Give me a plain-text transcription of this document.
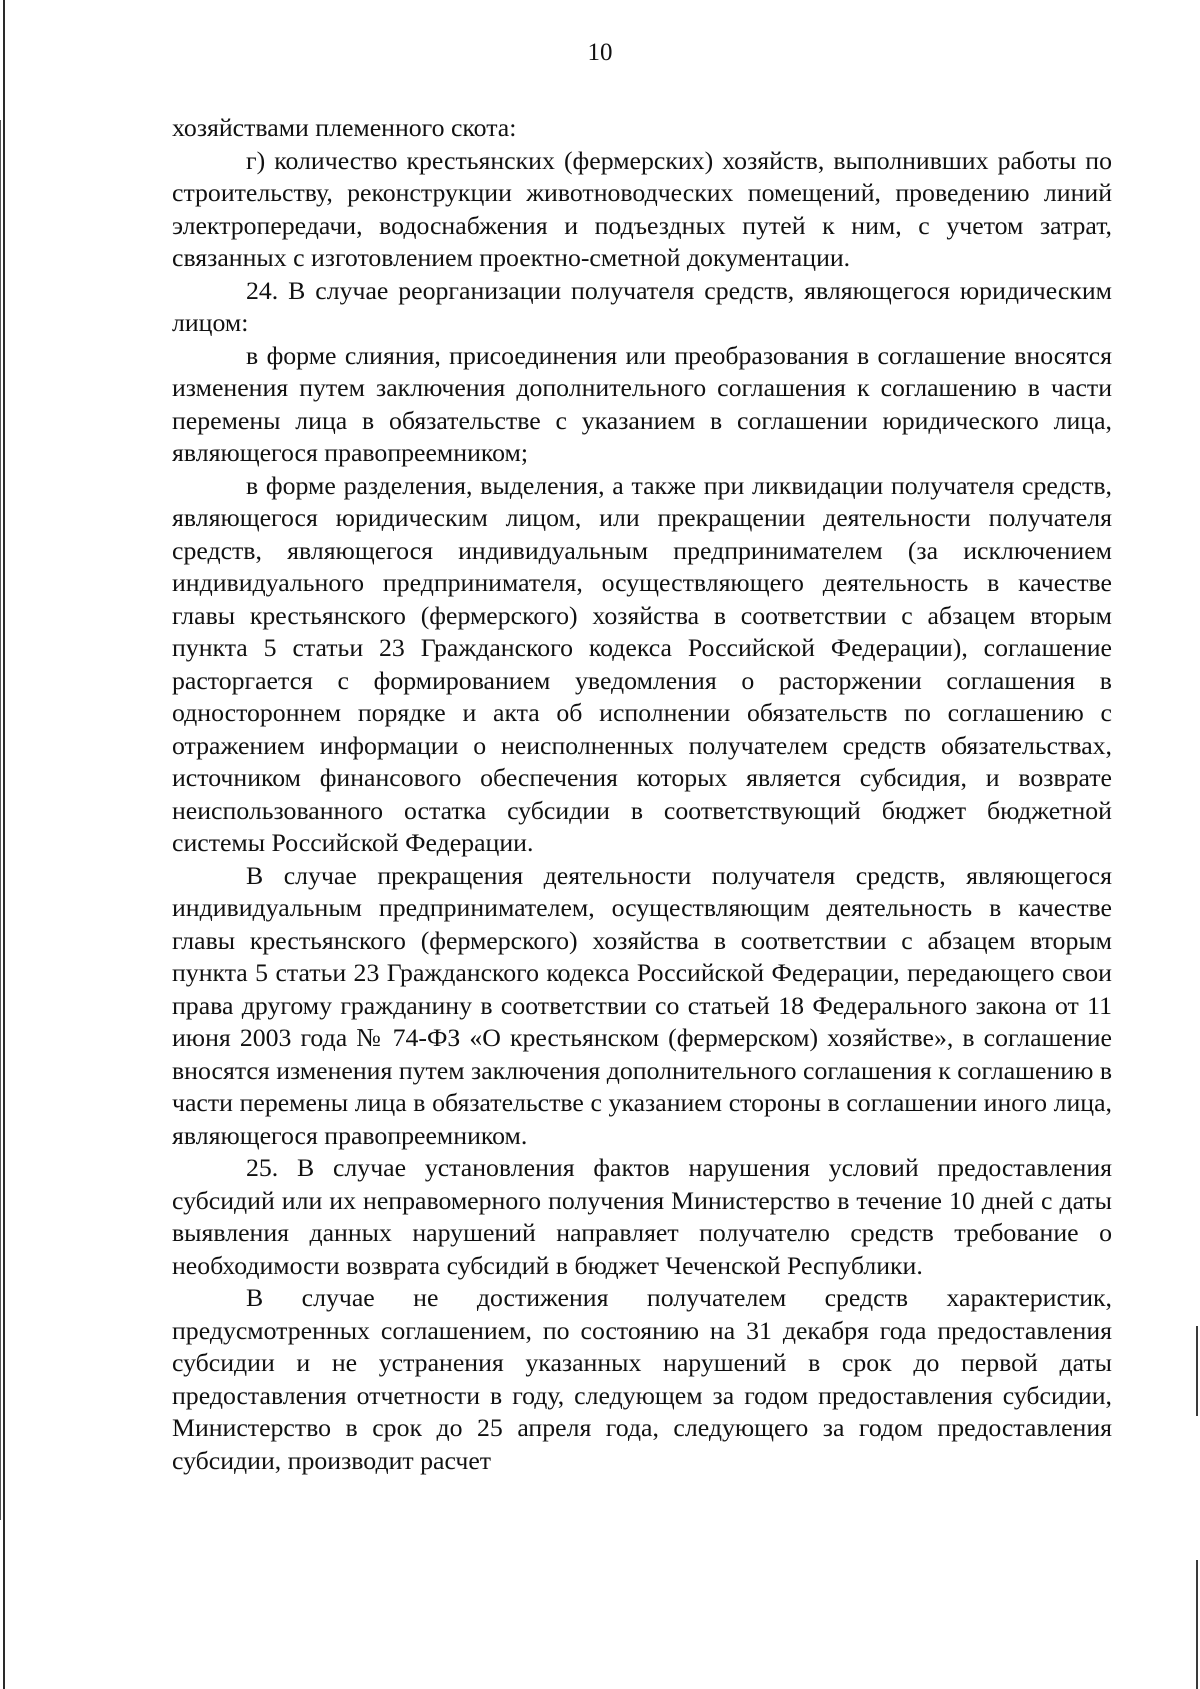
10

хозяйствами племенного скота:

г) количество крестьянских (фермерских) хозяйств, выполнивших работы по строительству, реконструкции животноводческих помещений, проведению линий электропередачи, водоснабжения и подъездных путей к ним, с учетом затрат, связанных с изготовлением проектно-сметной документации.

24. В случае реорганизации получателя средств, являющегося юридическим лицом:

в форме слияния, присоединения или преобразования в соглашение вносятся изменения путем заключения дополнительного соглашения к соглашению в части перемены лица в обязательстве с указанием в соглашении юридического лица, являющегося правопреемником;

в форме разделения, выделения, а также при ликвидации получателя средств, являющегося юридическим лицом, или прекращении деятельности получателя средств, являющегося индивидуальным предпринимателем (за исключением индивидуального предпринимателя, осуществляющего деятельность в качестве главы крестьянского (фермерского) хозяйства в соответствии с абзацем вторым пункта 5 статьи 23 Гражданского кодекса Российской Федерации), соглашение расторгается с формированием уведомления о расторжении соглашения в одностороннем порядке и акта об исполнении обязательств по соглашению с отражением информации о неисполненных получателем средств обязательствах, источником финансового обеспечения которых является субсидия, и возврате неиспользованного остатка субсидии в соответствующий бюджет бюджетной системы Российской Федерации.

В случае прекращения деятельности получателя средств, являющегося индивидуальным предпринимателем, осуществляющим деятельность в качестве главы крестьянского (фермерского) хозяйства в соответствии с абзацем вторым пункта 5 статьи 23 Гражданского кодекса Российской Федерации, передающего свои права другому гражданину в соответствии со статьей 18 Федерального закона от 11 июня 2003 года № 74-ФЗ «О крестьянском (фермерском) хозяйстве», в соглашение вносятся изменения путем заключения дополнительного соглашения к соглашению в части перемены лица в обязательстве с указанием стороны в соглашении иного лица, являющегося правопреемником.

25. В случае установления фактов нарушения условий предоставления субсидий или их неправомерного получения Министерство в течение 10 дней с даты выявления данных нарушений направляет получателю средств требование о необходимости возврата субсидий в бюджет Чеченской Республики.

В случае не достижения получателем средств характеристик, предусмотренных соглашением, по состоянию на 31 декабря года предоставления субсидии и не устранения указанных нарушений в срок до первой даты предоставления отчетности в году, следующем за годом предоставления субсидии, Министерство в срок до 25 апреля года, следующего за годом предоставления субсидии, производит расчет
